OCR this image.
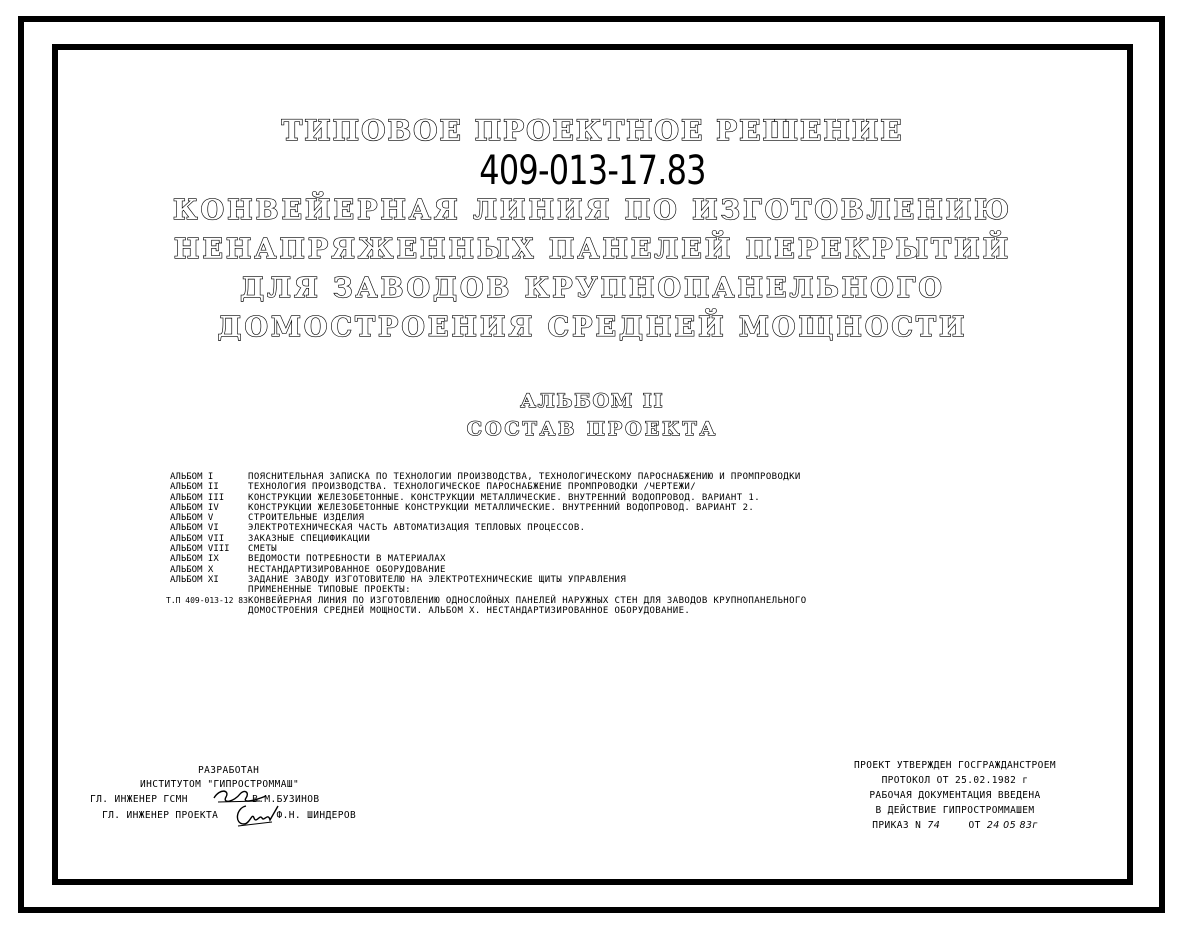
ТИПОВОЕ ПРОЕКТНОЕ РЕШЕНИЕ
409-013-17.83
КОНВЕЙЕРНАЯ ЛИНИЯ ПО ИЗГОТОВЛЕНИЮ
НЕНАПРЯЖЕННЫХ ПАНЕЛЕЙ ПЕРЕКРЫТИЙ
ДЛЯ ЗАВОДОВ КРУПНОПАНЕЛЬНОГО
ДОМОСТРОЕНИЯ СРЕДНЕЙ МОЩНОСТИ
АЛЬБОМ II
СОСТАВ ПРОЕКТА
АЛЬБОМ I	ПОЯСНИТЕЛЬНАЯ ЗАПИСКА ПО ТЕХНОЛОГИИ ПРОИЗВОДСТВА, ТЕХНОЛОГИЧЕСКОМУ ПАРОСНАБЖЕНИЮ И ПРОМПРОВОДКИ
АЛЬБОМ II	ТЕХНОЛОГИЯ ПРОИЗВОДСТВА. ТЕХНОЛОГИЧЕСКОЕ ПАРОСНАБЖЕНИЕ ПРОМПРОВОДКИ /ЧЕРТЕЖИ/
АЛЬБОМ III	КОНСТРУКЦИИ ЖЕЛЕЗОБЕТОННЫЕ. КОНСТРУКЦИИ МЕТАЛЛИЧЕСКИЕ. ВНУТРЕННИЙ ВОДОПРОВОД. ВАРИАНТ 1.
АЛЬБОМ IV	КОНСТРУКЦИИ ЖЕЛЕЗОБЕТОННЫЕ КОНСТРУКЦИИ МЕТАЛЛИЧЕСКИЕ. ВНУТРЕННИЙ ВОДОПРОВОД. ВАРИАНТ 2.
АЛЬБОМ V	СТРОИТЕЛЬНЫЕ ИЗДЕЛИЯ
АЛЬБОМ VI	ЭЛЕКТРОТЕХНИЧЕСКАЯ ЧАСТЬ АВТОМАТИЗАЦИЯ ТЕПЛОВЫХ ПРОЦЕССОВ.
АЛЬБОМ VII	ЗАКАЗНЫЕ СПЕЦИФИКАЦИИ
АЛЬБОМ VIII	СМЕТЫ
АЛЬБОМ IX	ВЕДОМОСТИ ПОТРЕБНОСТИ В МАТЕРИАЛАХ
АЛЬБОМ X	НЕСТАНДАРТИЗИРОВАННОЕ ОБОРУДОВАНИЕ
АЛЬБОМ XI	ЗАДАНИЕ ЗАВОДУ ИЗГОТОВИТЕЛЮ НА ЭЛЕКТРОТЕХНИЧЕСКИЕ ЩИТЫ УПРАВЛЕНИЯ
ПРИМЕНЕННЫЕ ТИПОВЫЕ ПРОЕКТЫ:
Т.П 409-013-12 83 КОНВЕЙЕРНАЯ ЛИНИЯ ПО ИЗГОТОВЛЕНИЮ ОДНОСЛОЙНЫХ ПАНЕЛЕЙ НАРУЖНЫХ СТЕН ДЛЯ ЗАВОДОВ КРУПНОПАНЕЛЬНОГО
ДОМОСТРОЕНИЯ СРЕДНЕЙ МОЩНОСТИ. АЛЬБОМ X. НЕСТАНДАРТИЗИРОВАННОЕ ОБОРУДОВАНИЕ.
РАЗРАБОТАН
ИНСТИТУТОМ "ГИПРОСТРОММАШ"
ГЛ. ИНЖЕНЕР ГСМН	В.М.БУЗИНОВ
ГЛ. ИНЖЕНЕР ПРОЕКТА	Ф.Н. ШИНДЕРОВ
ПРОЕКТ УТВЕРЖДЕН ГОСГРАЖДАНСТРОЕМ
ПРОТОКОЛ ОТ 25.02.1982 г
РАБОЧАЯ ДОКУМЕНТАЦИЯ ВВЕДЕНА
В ДЕЙСТВИЕ ГИПРОСТРОММАШЕМ
ПРИКАЗ N 74	ОТ 24 05 83г
